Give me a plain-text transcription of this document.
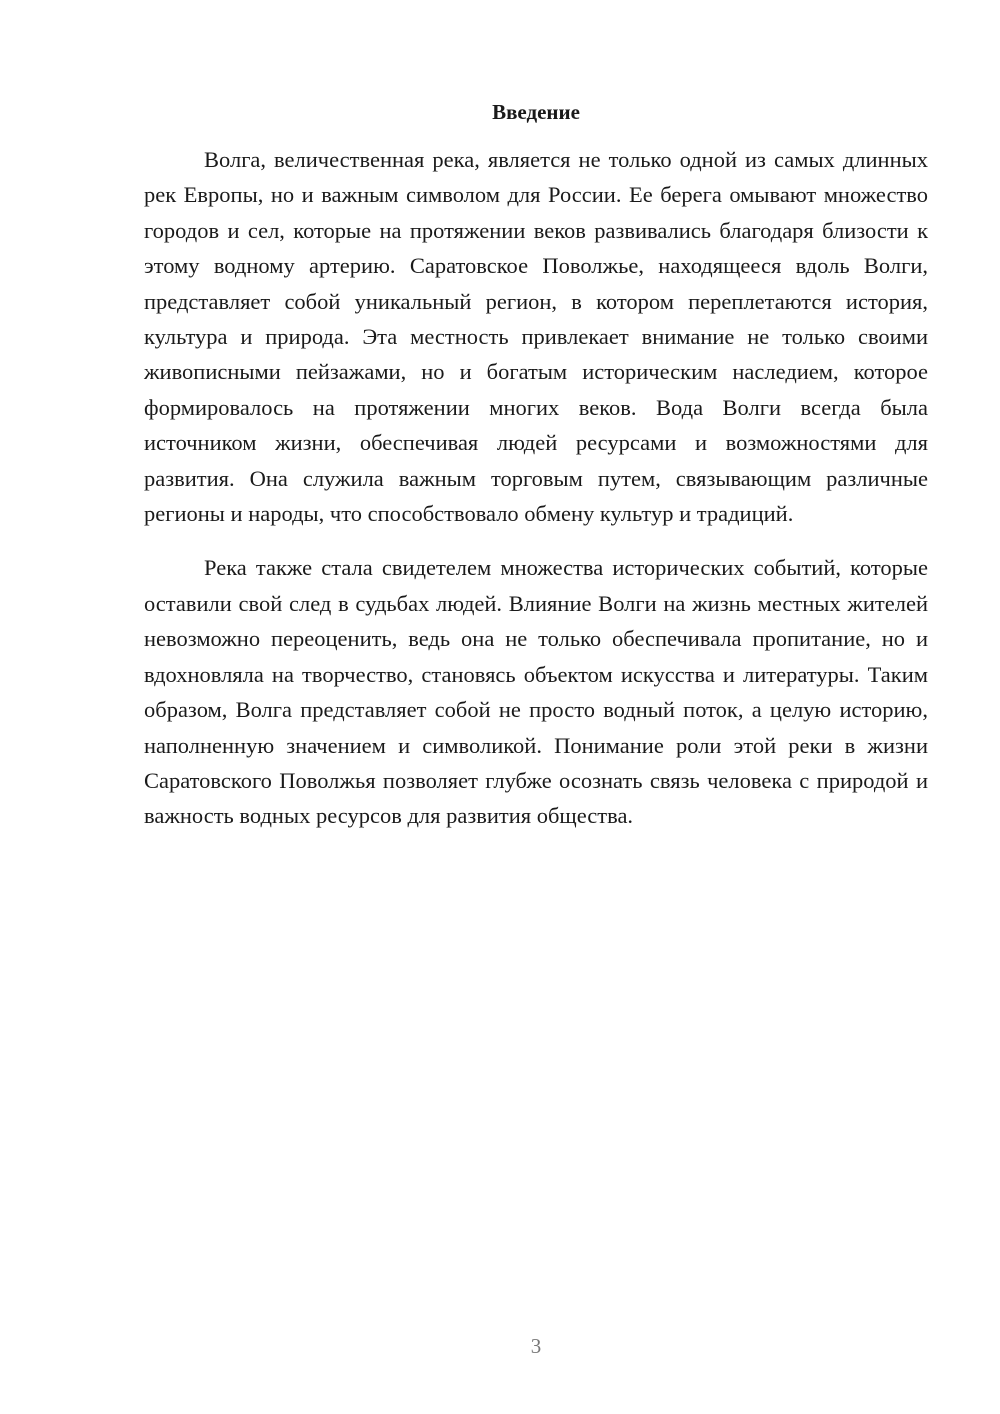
Введение

Волга, величественная река, является не только одной из самых длинных рек Европы, но и важным символом для России. Ее берега омывают множество городов и сел, которые на протяжении веков развивались благодаря близости к этому водному артерию. Саратовское Поволжье, находящееся вдоль Волги, представляет собой уникальный регион, в котором переплетаются история, культура и природа. Эта местность привлекает внимание не только своими живописными пейзажами, но и богатым историческим наследием, которое формировалось на протяжении многих веков. Вода Волги всегда была источником жизни, обеспечивая людей ресурсами и возможностями для развития. Она служила важным торговым путем, связывающим различные регионы и народы, что способствовало обмену культур и традиций.

Река также стала свидетелем множества исторических событий, которые оставили свой след в судьбах людей. Влияние Волги на жизнь местных жителей невозможно переоценить, ведь она не только обеспечивала пропитание, но и вдохновляла на творчество, становясь объектом искусства и литературы. Таким образом, Волга представляет собой не просто водный поток, а целую историю, наполненную значением и символикой. Понимание роли этой реки в жизни Саратовского Поволжья позволяет глубже осознать связь человека с природой и важность водных ресурсов для развития общества.

3
